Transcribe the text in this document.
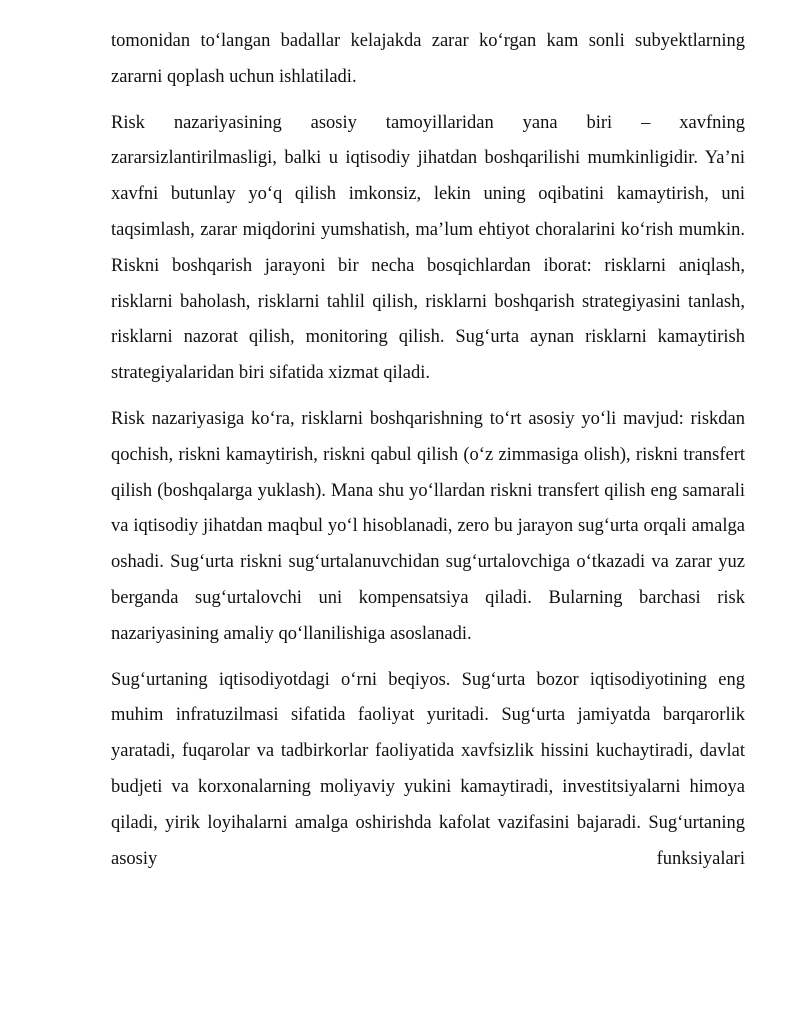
tomonidan to‘langan badallar kelajakda zarar ko‘rgan kam sonli subyektlarning zararni qoplash uchun ishlatiladi.

Risk nazariyasining asosiy tamoyillaridan yana biri – xavfning zararsizlantirilmasligi, balki u iqtisodiy jihatdan boshqarilishi mumkinligidir. Ya’ni xavfni butunlay yo‘q qilish imkonsiz, lekin uning oqibatini kamaytirish, uni taqsimlash, zarar miqdorini yumshatish, ma’lum ehtiyot choralarini ko‘rish mumkin. Riskni boshqarish jarayoni bir necha bosqichlardan iborat: risklarni aniqlash, risklarni baholash, risklarni tahlil qilish, risklarni boshqarish strategiyasini tanlash, risklarni nazorat qilish, monitoring qilish. Sug‘urta aynan risklarni kamaytirish strategiyalaridan biri sifatida xizmat qiladi.

Risk nazariyasiga ko‘ra, risklarni boshqarishning to‘rt asosiy yo‘li mavjud: riskdan qochish, riskni kamaytirish, riskni qabul qilish (o‘z zimmasiga olish), riskni transfert qilish (boshqalarga yuklash). Mana shu yo‘llardan riskni transfert qilish eng samarali va iqtisodiy jihatdan maqbul yo‘l hisoblanadi, zero bu jarayon sug‘urta orqali amalga oshadi. Sug‘urta riskni sug‘urtalanuvchidan sug‘urtalovchiga o‘tkazadi va zarar yuz berganda sug‘urtalovchi uni kompensatsiya qiladi. Bularning barchasi risk nazariyasining amaliy qo‘llanilishiga asoslanadi.

Sug‘urtaning iqtisodiyotdagi o‘rni beqiyos. Sug‘urta bozor iqtisodiyotining eng muhim infratuzilmasi sifatida faoliyat yuritadi. Sug‘urta jamiyatda barqarorlik yaratadi, fuqarolar va tadbirkorlar faoliyatida xavfsizlik hissini kuchaytiradi, davlat budjeti va korxonalarning moliyaviy yukini kamaytiradi, investitsiyalarni himoya qiladi, yirik loyihalarni amalga oshirishda kafolat vazifasini bajaradi. Sug‘urtaning asosiy funksiyalari
